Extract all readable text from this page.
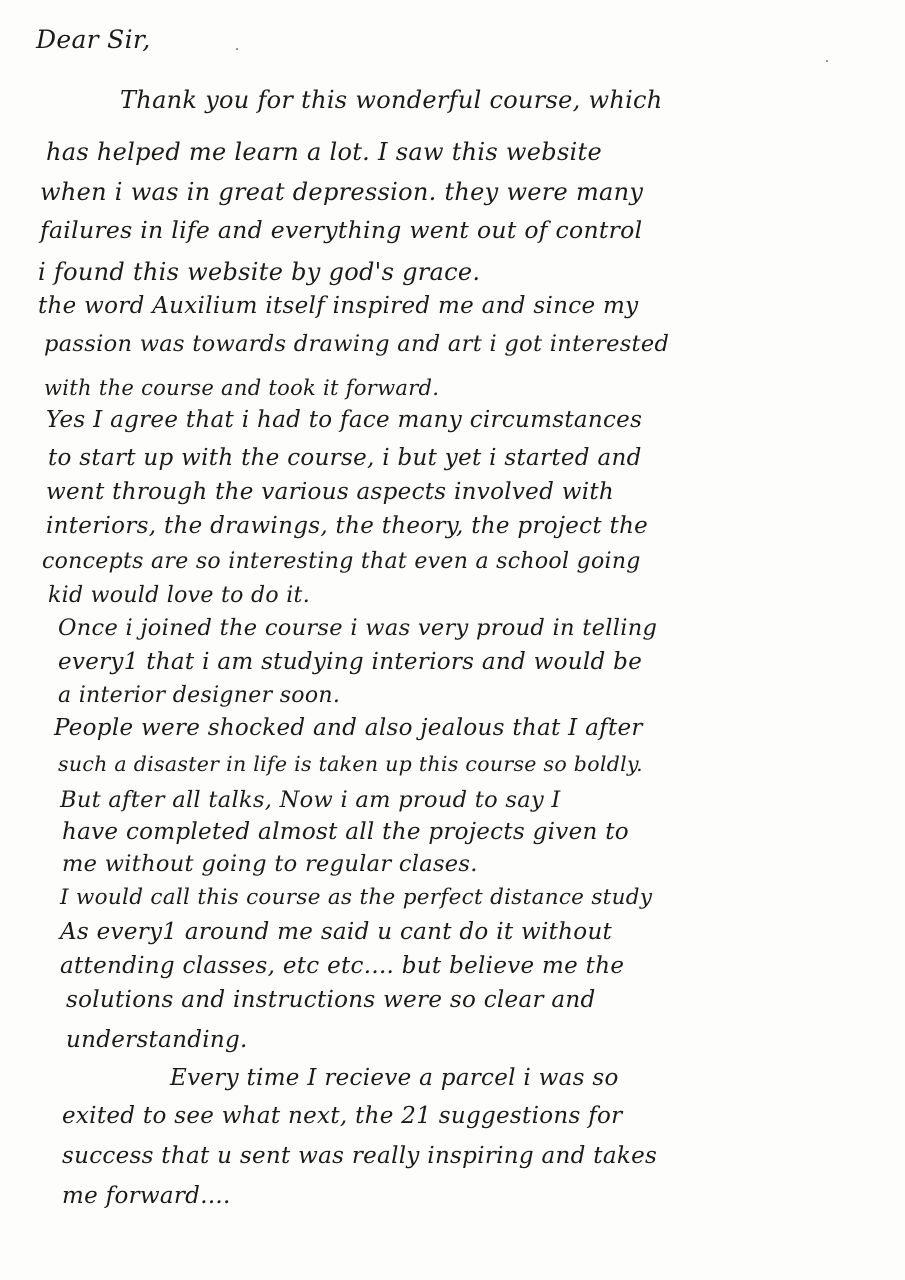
Dear Sir,
Thank you for this wonderful course, which
has helped me learn a lot. I saw this website
when i was in great depression. they were many
failures in life and everything went out of control
i found this website by god's grace.
the word Auxilium itself inspired me and since my
passion was towards drawing and art i got interested
with the course and took it forward.
Yes I agree that i had to face many circumstances
to start up with the course, i but yet i started and
went through the various aspects involved with
interiors, the drawings, the theory, the project the
concepts are so interesting that even a school going
kid would love to do it.
Once i joined the course i was very proud in telling
every1 that i am studying interiors and would be
a interior designer soon.
People were shocked and also jealous that I after
such a disaster in life is taken up this course so boldly.
But after all talks, Now i am proud to say I
have completed almost all the projects given to
me without going to regular clases.
I would call this course as the perfect distance study
As every1 around me said u cant do it without
attending classes, etc etc.... but believe me the
solutions and instructions were so clear and
understanding.
Every time I recieve a parcel i was so
exited to see what next, the 21 suggestions for
success that u sent was really inspiring and takes
me forward....
